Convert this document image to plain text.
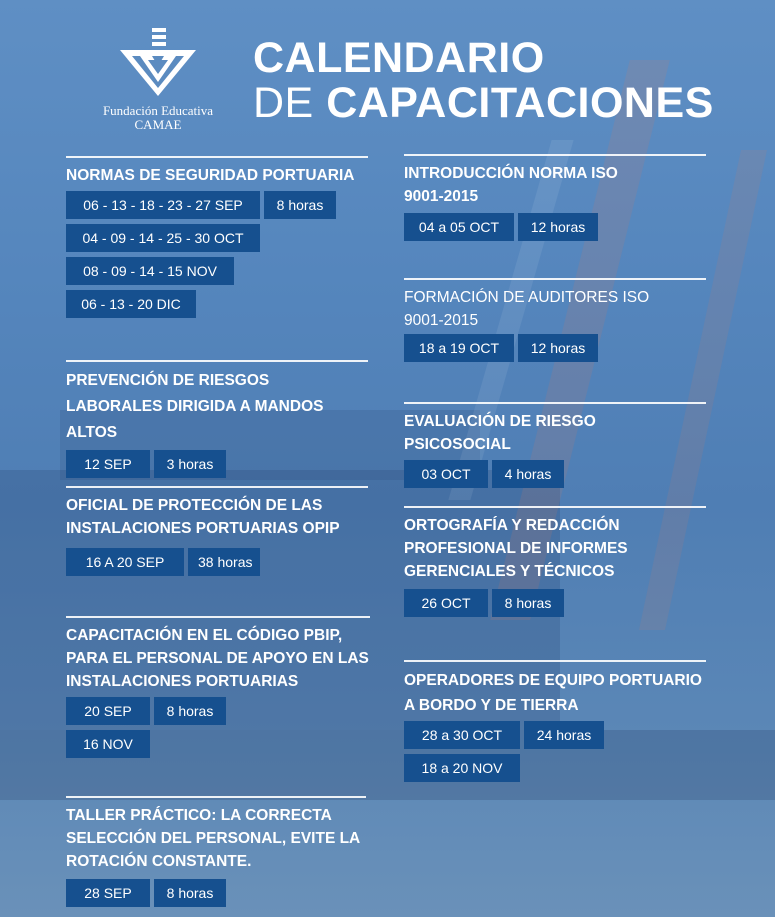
Fundación Educativa
CAMAE
CALENDARIO
DE CAPACITACIONES
NORMAS DE SEGURIDAD PORTUARIA
06 - 13 - 18 - 23 - 27 SEP	8 horas
04 - 09 - 14 - 25 - 30 OCT
08 - 09 - 14 - 15 NOV
06 - 13 - 20 DIC
PREVENCIÓN DE RIESGOS LABORALES DIRIGIDA A MANDOS ALTOS
12 SEP	3 horas
OFICIAL DE PROTECCIÓN DE LAS INSTALACIONES PORTUARIAS OPIP
16 A 20 SEP	38 horas
CAPACITACIÓN EN EL CÓDIGO PBIP, PARA EL PERSONAL DE APOYO EN LAS INSTALACIONES PORTUARIAS
20 SEP	8 horas
16 NOV
TALLER PRÁCTICO: LA CORRECTA SELECCIÓN DEL PERSONAL, EVITE LA ROTACIÓN CONSTANTE.
28 SEP	8 horas
INTRODUCCIÓN NORMA ISO 9001-2015
04 a 05 OCT	12 horas
FORMACIÓN DE AUDITORES ISO 9001-2015
18 a 19 OCT	12 horas
EVALUACIÓN DE RIESGO PSICOSOCIAL
03 OCT	4 horas
ORTOGRAFÍA Y REDACCIÓN PROFESIONAL DE INFORMES GERENCIALES Y TÉCNICOS
26 OCT	8 horas
OPERADORES DE EQUIPO PORTUARIO A BORDO Y DE TIERRA
28 a 30 OCT	24 horas
18 a 20 NOV
